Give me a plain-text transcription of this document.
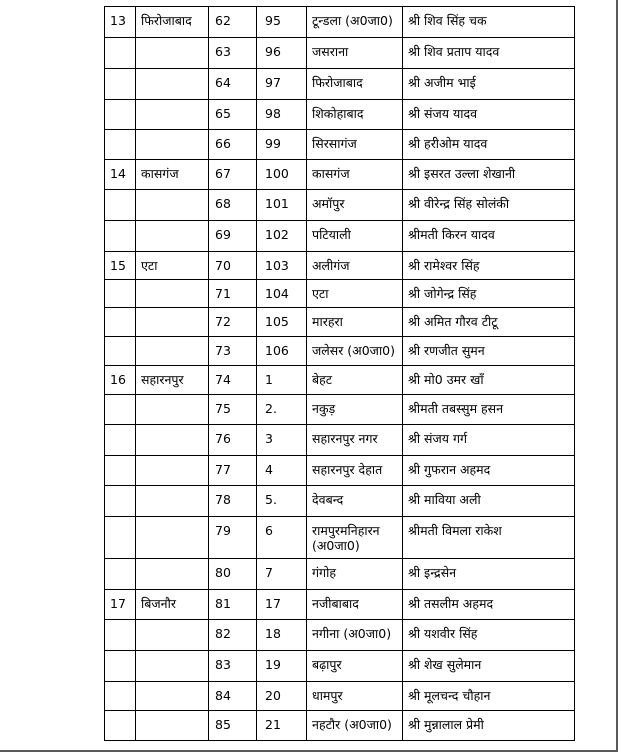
13	फिरोजाबाद	62	95	टून्डला (अ0जा0)	श्री शिव सिंह चक
		63	96	जसराना	श्री शिव प्रताप यादव
		64	97	फिरोजाबाद	श्री अजीम भाई
		65	98	शिकोहाबाद	श्री संजय यादव
		66	99	सिरसागंज	श्री हरीओम यादव
14	कासगंज	67	100	कासगंज	श्री इसरत उल्ला शेखानी
		68	101	अमॉपुर	श्री वीरेन्द्र सिंह सोलंकी
		69	102	पटियाली	श्रीमती किरन यादव
15	एटा	70	103	अलीगंज	श्री रामेश्वर सिंह
		71	104	एटा	श्री जोगेन्द्र सिंह
		72	105	मारहरा	श्री अमित गौरव टीटू
		73	106	जलेसर (अ0जा0)	श्री रणजीत सुमन
16	सहारनपुर	74	1	बेहट	श्री मो0 उमर खॉं
		75	2.	नकुड़	श्रीमती तबस्सुम हसन
		76	3	सहारनपुर नगर	श्री संजय गर्ग
		77	4	सहारनपुर देहात	श्री गुफरान अहमद
		78	5.	देवबन्द	श्री माविया अली
		79	6	रामपुरमनिहारन (अ0जा0)	श्रीमती विमला राकेश
		80	7	गंगोह	श्री इन्द्रसेन
17	बिजनौर	81	17	नजीबाबाद	श्री तसलीम अहमद
		82	18	नगीना (अ0जा0)	श्री यशवीर सिंह
		83	19	बढ़ापुर	श्री शेख सुलेमान
		84	20	धामपुर	श्री मूलचन्द चौहान
		85	21	नहटौर (अ0जा0)	श्री मुन्नालाल प्रेमी
